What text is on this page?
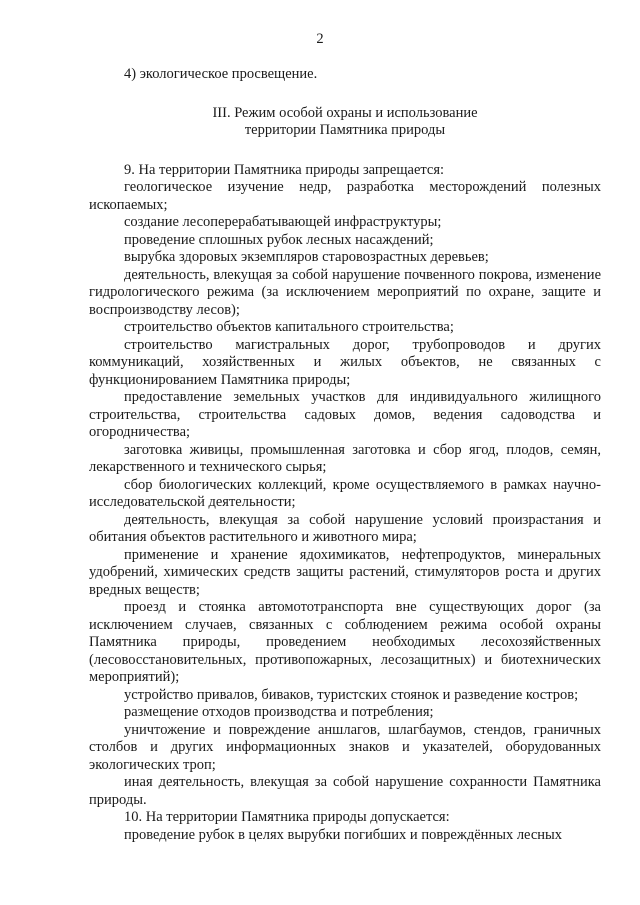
2

4) экологическое просвещение.

III. Режим особой охраны и использование
территории Памятника природы

9. На территории Памятника природы запрещается:

геологическое изучение недр, разработка месторождений полезных ископаемых;

создание лесоперерабатывающей инфраструктуры;

проведение сплошных рубок лесных насаждений;

вырубка здоровых экземпляров старовозрастных деревьев;

деятельность, влекущая за собой нарушение почвенного покрова, изменение гидрологического режима (за исключением мероприятий по охране, защите и воспроизводству лесов);

строительство объектов капитального строительства;

строительство магистральных дорог, трубопроводов и других коммуникаций, хозяйственных и жилых объектов, не связанных с функционированием Памятника природы;

предоставление земельных участков для индивидуального жилищного строительства, строительства садовых домов, ведения садоводства и огородничества;

заготовка живицы, промышленная заготовка и сбор ягод, плодов, семян, лекарственного и технического сырья;

сбор биологических коллекций, кроме осуществляемого в рамках научно-исследовательской деятельности;

деятельность, влекущая за собой нарушение условий произрастания и обитания объектов растительного и животного мира;

применение и хранение ядохимикатов, нефтепродуктов, минеральных удобрений, химических средств защиты растений, стимуляторов роста и других вредных веществ;

проезд и стоянка автомототранспорта вне существующих дорог (за исключением случаев, связанных с соблюдением режима особой охраны Памятника природы, проведением необходимых лесохозяйственных (лесовосстановительных, противопожарных, лесозащитных) и биотехнических мероприятий);

устройство привалов, биваков, туристских стоянок и разведение костров;

размещение отходов производства и потребления;

уничтожение и повреждение аншлагов, шлагбаумов, стендов, граничных столбов и других информационных знаков и указателей, оборудованных экологических троп;

иная деятельность, влекущая за собой нарушение сохранности Памятника природы.

10. На территории Памятника природы допускается:

проведение рубок в целях вырубки погибших и повреждённых лесных
